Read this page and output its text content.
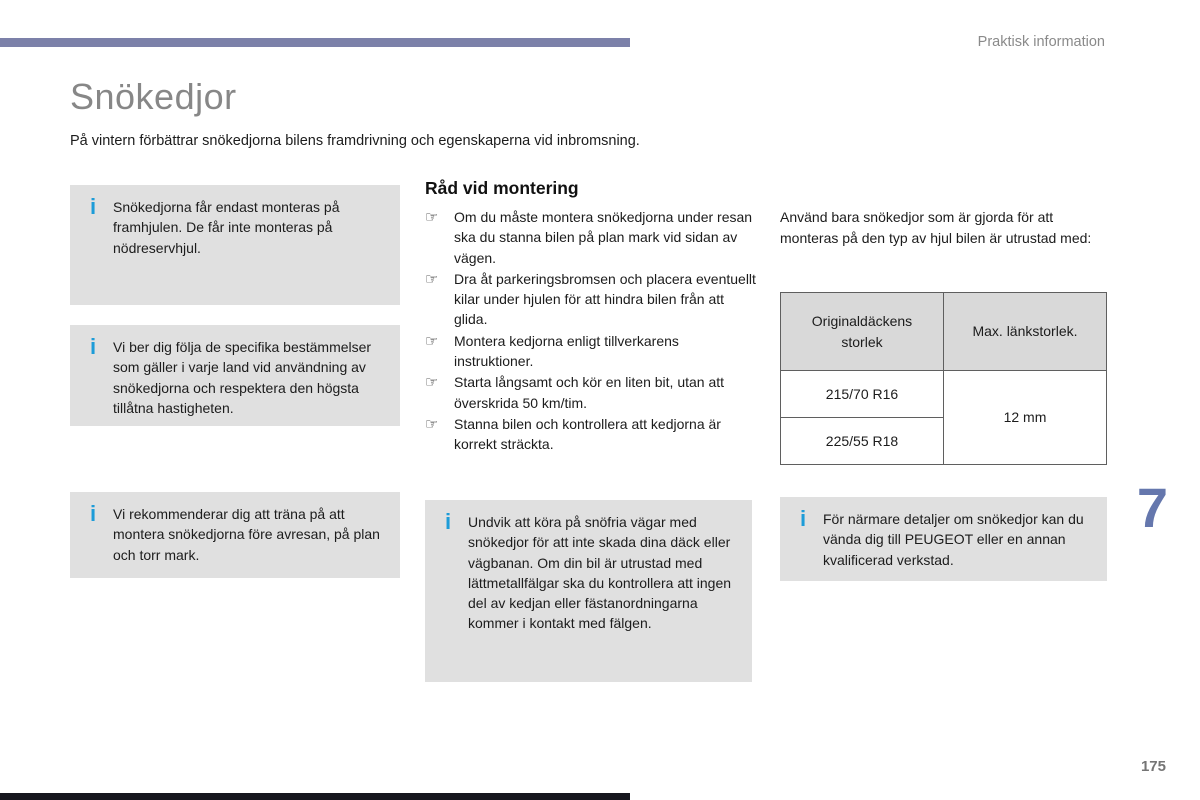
Praktisk information
Snökedjor

På vintern förbättrar snökedjorna bilens framdrivning och egenskaperna vid inbromsning.

i	Snökedjorna får endast monteras på framhjulen. De får inte monteras på nödreservhjul.
i	Vi ber dig följa de specifika bestämmelser som gäller i varje land vid användning av snökedjorna och respektera den högsta tillåtna hastigheten.
i	Vi rekommenderar dig att träna på att montera snökedjorna före avresan, på plan och torr mark.
Råd vid montering
☞	Om du måste montera snökedjorna under resan ska du stanna bilen på plan mark vid sidan av vägen.
☞	Dra åt parkeringsbromsen och placera eventuellt kilar under hjulen för att hindra bilen från att glida.
☞	Montera kedjorna enligt tillverkarens instruktioner.
☞	Starta långsamt och kör en liten bit, utan att överskrida 50 km/tim.
☞	Stanna bilen och kontrollera att kedjorna är korrekt sträckta.
i	Undvik att köra på snöfria vägar med snökedjor för att inte skada dina däck eller vägbanan. Om din bil är utrustad med lättmetallfälgar ska du kontrollera att ingen del av kedjan eller fästanordningarna kommer i kontakt med fälgen.

Använd bara snökedjor som är gjorda för att monteras på den typ av hjul bilen är utrustad med:

Originaldäckens storlek	Max. länkstorlek.
215/70 R16	12 mm
225/55 R18	
i	För närmare detaljer om snökedjor kan du vända dig till PEUGEOT eller en annan kvalificerad verkstad.
7
175
